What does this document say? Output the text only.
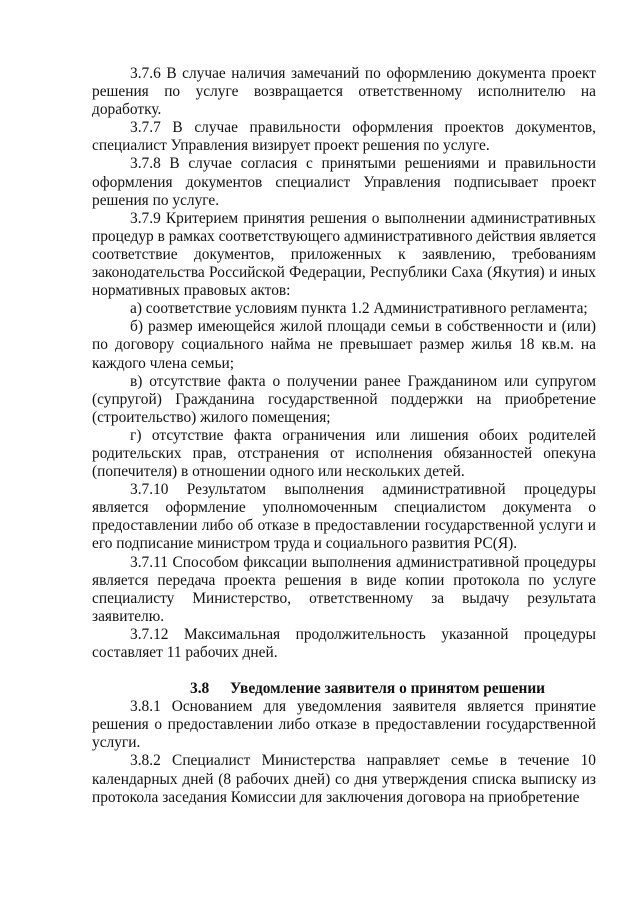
3.7.6 В случае наличия замечаний по оформлению документа проект решения по услуге возвращается ответственному исполнителю на доработку.

3.7.7 В случае правильности оформления проектов документов, специалист Управления визирует проект решения по услуге.

3.7.8 В случае согласия с принятыми решениями и правильности оформления документов специалист Управления подписывает проект решения по услуге.

3.7.9 Критерием принятия решения о выполнении административных процедур в рамках соответствующего административного действия является соответствие документов, приложенных к заявлению, требованиям законодательства Российской Федерации, Республики Саха (Якутия) и иных нормативных правовых актов:

а) соответствие условиям пункта 1.2 Административного регламента;

б) размер имеющейся жилой площади семьи в собственности и (или) по договору социального найма не превышает размер жилья 18 кв.м. на каждого члена семьи;

в) отсутствие факта о получении ранее Гражданином или супругом (супругой) Гражданина государственной поддержки на приобретение (строительство) жилого помещения;

г) отсутствие факта ограничения или лишения обоих родителей родительских прав, отстранения от исполнения обязанностей опекуна (попечителя) в отношении одного или нескольких детей.

3.7.10 Результатом выполнения административной процедуры является оформление уполномоченным специалистом документа о предоставлении либо об отказе в предоставлении государственной услуги и его подписание министром труда и социального развития РС(Я).

3.7.11 Способом фиксации выполнения административной процедуры является передача проекта решения в виде копии протокола по услуге специалисту Министерство, ответственному за выдачу результата заявителю.

3.7.12 Максимальная продолжительность указанной процедуры составляет 11 рабочих дней.

3.8 Уведомление заявителя о принятом решении

3.8.1 Основанием для уведомления заявителя является принятие решения о предоставлении либо отказе в предоставлении государственной услуги.

3.8.2 Специалист Министерства направляет семье в течение 10 календарных дней (8 рабочих дней) со дня утверждения списка выписку из протокола заседания Комиссии для заключения договора на приобретение
